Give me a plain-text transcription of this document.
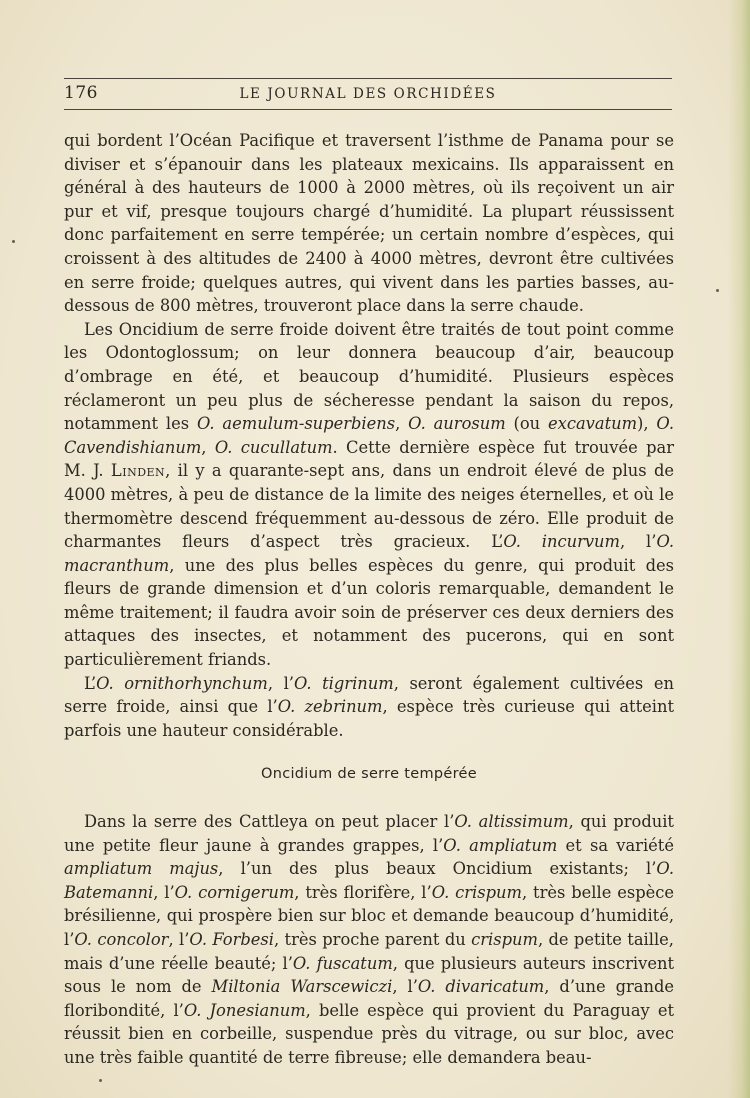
176	LE JOURNAL DES ORCHIDÉES

qui bordent l’Océan Pacifique et traversent l’isthme de Panama pour se diviser et s’épanouir dans les plateaux mexicains. Ils apparaissent en général à des hauteurs de 1000 à 2000 mètres, où ils reçoivent un air pur et vif, presque toujours chargé d’humidité. La plupart réussissent donc parfaitement en serre tempérée; un certain nombre d’espèces, qui croissent à des altitudes de 2400 à 4000 mètres, devront être cultivées en serre froide; quelques autres, qui vivent dans les parties basses, au-dessous de 800 mètres, trouveront place dans la serre chaude.

Les Oncidium de serre froide doivent être traités de tout point comme les Odontoglossum; on leur donnera beaucoup d’air, beaucoup d’ombrage en été, et beaucoup d’humidité. Plusieurs espèces réclameront un peu plus de sécheresse pendant la saison du repos, notamment les O. aemulum-superbiens, O. aurosum (ou excavatum), O. Cavendishianum, O. cucullatum. Cette dernière espèce fut trouvée par M. J. Linden, il y a quarante-sept ans, dans un endroit élevé de plus de 4000 mètres, à peu de distance de la limite des neiges éternelles, et où le thermomètre descend fréquemment au-dessous de zéro. Elle produit de charmantes fleurs d’aspect très gracieux. L’O. incurvum, l’O. macranthum, une des plus belles espèces du genre, qui produit des fleurs de grande dimension et d’un coloris remarquable, demandent le même traitement; il faudra avoir soin de préserver ces deux derniers des attaques des insectes, et notamment des pucerons, qui en sont particulièrement friands.

L’O. ornithorhynchum, l’O. tigrinum, seront également cultivées en serre froide, ainsi que l’O. zebrinum, espèce très curieuse qui atteint parfois une hauteur considérable.

Oncidium de serre tempérée

Dans la serre des Cattleya on peut placer l’O. altissimum, qui produit une petite fleur jaune à grandes grappes, l’O. ampliatum et sa variété ampliatum majus, l’un des plus beaux Oncidium existants; l’O. Batemanni, l’O. cornigerum, très florifère, l’O. crispum, très belle espèce brésilienne, qui prospère bien sur bloc et demande beaucoup d’humidité, l’O. concolor, l’O. Forbesi, très proche parent du crispum, de petite taille, mais d’une réelle beauté; l’O. fuscatum, que plusieurs auteurs inscrivent sous le nom de Miltonia Warscewiczi, l’O. divaricatum, d’une grande floribondité, l’O. Jonesianum, belle espèce qui provient du Paraguay et réussit bien en corbeille, suspendue près du vitrage, ou sur bloc, avec une très faible quantité de terre fibreuse; elle demandera beau-
